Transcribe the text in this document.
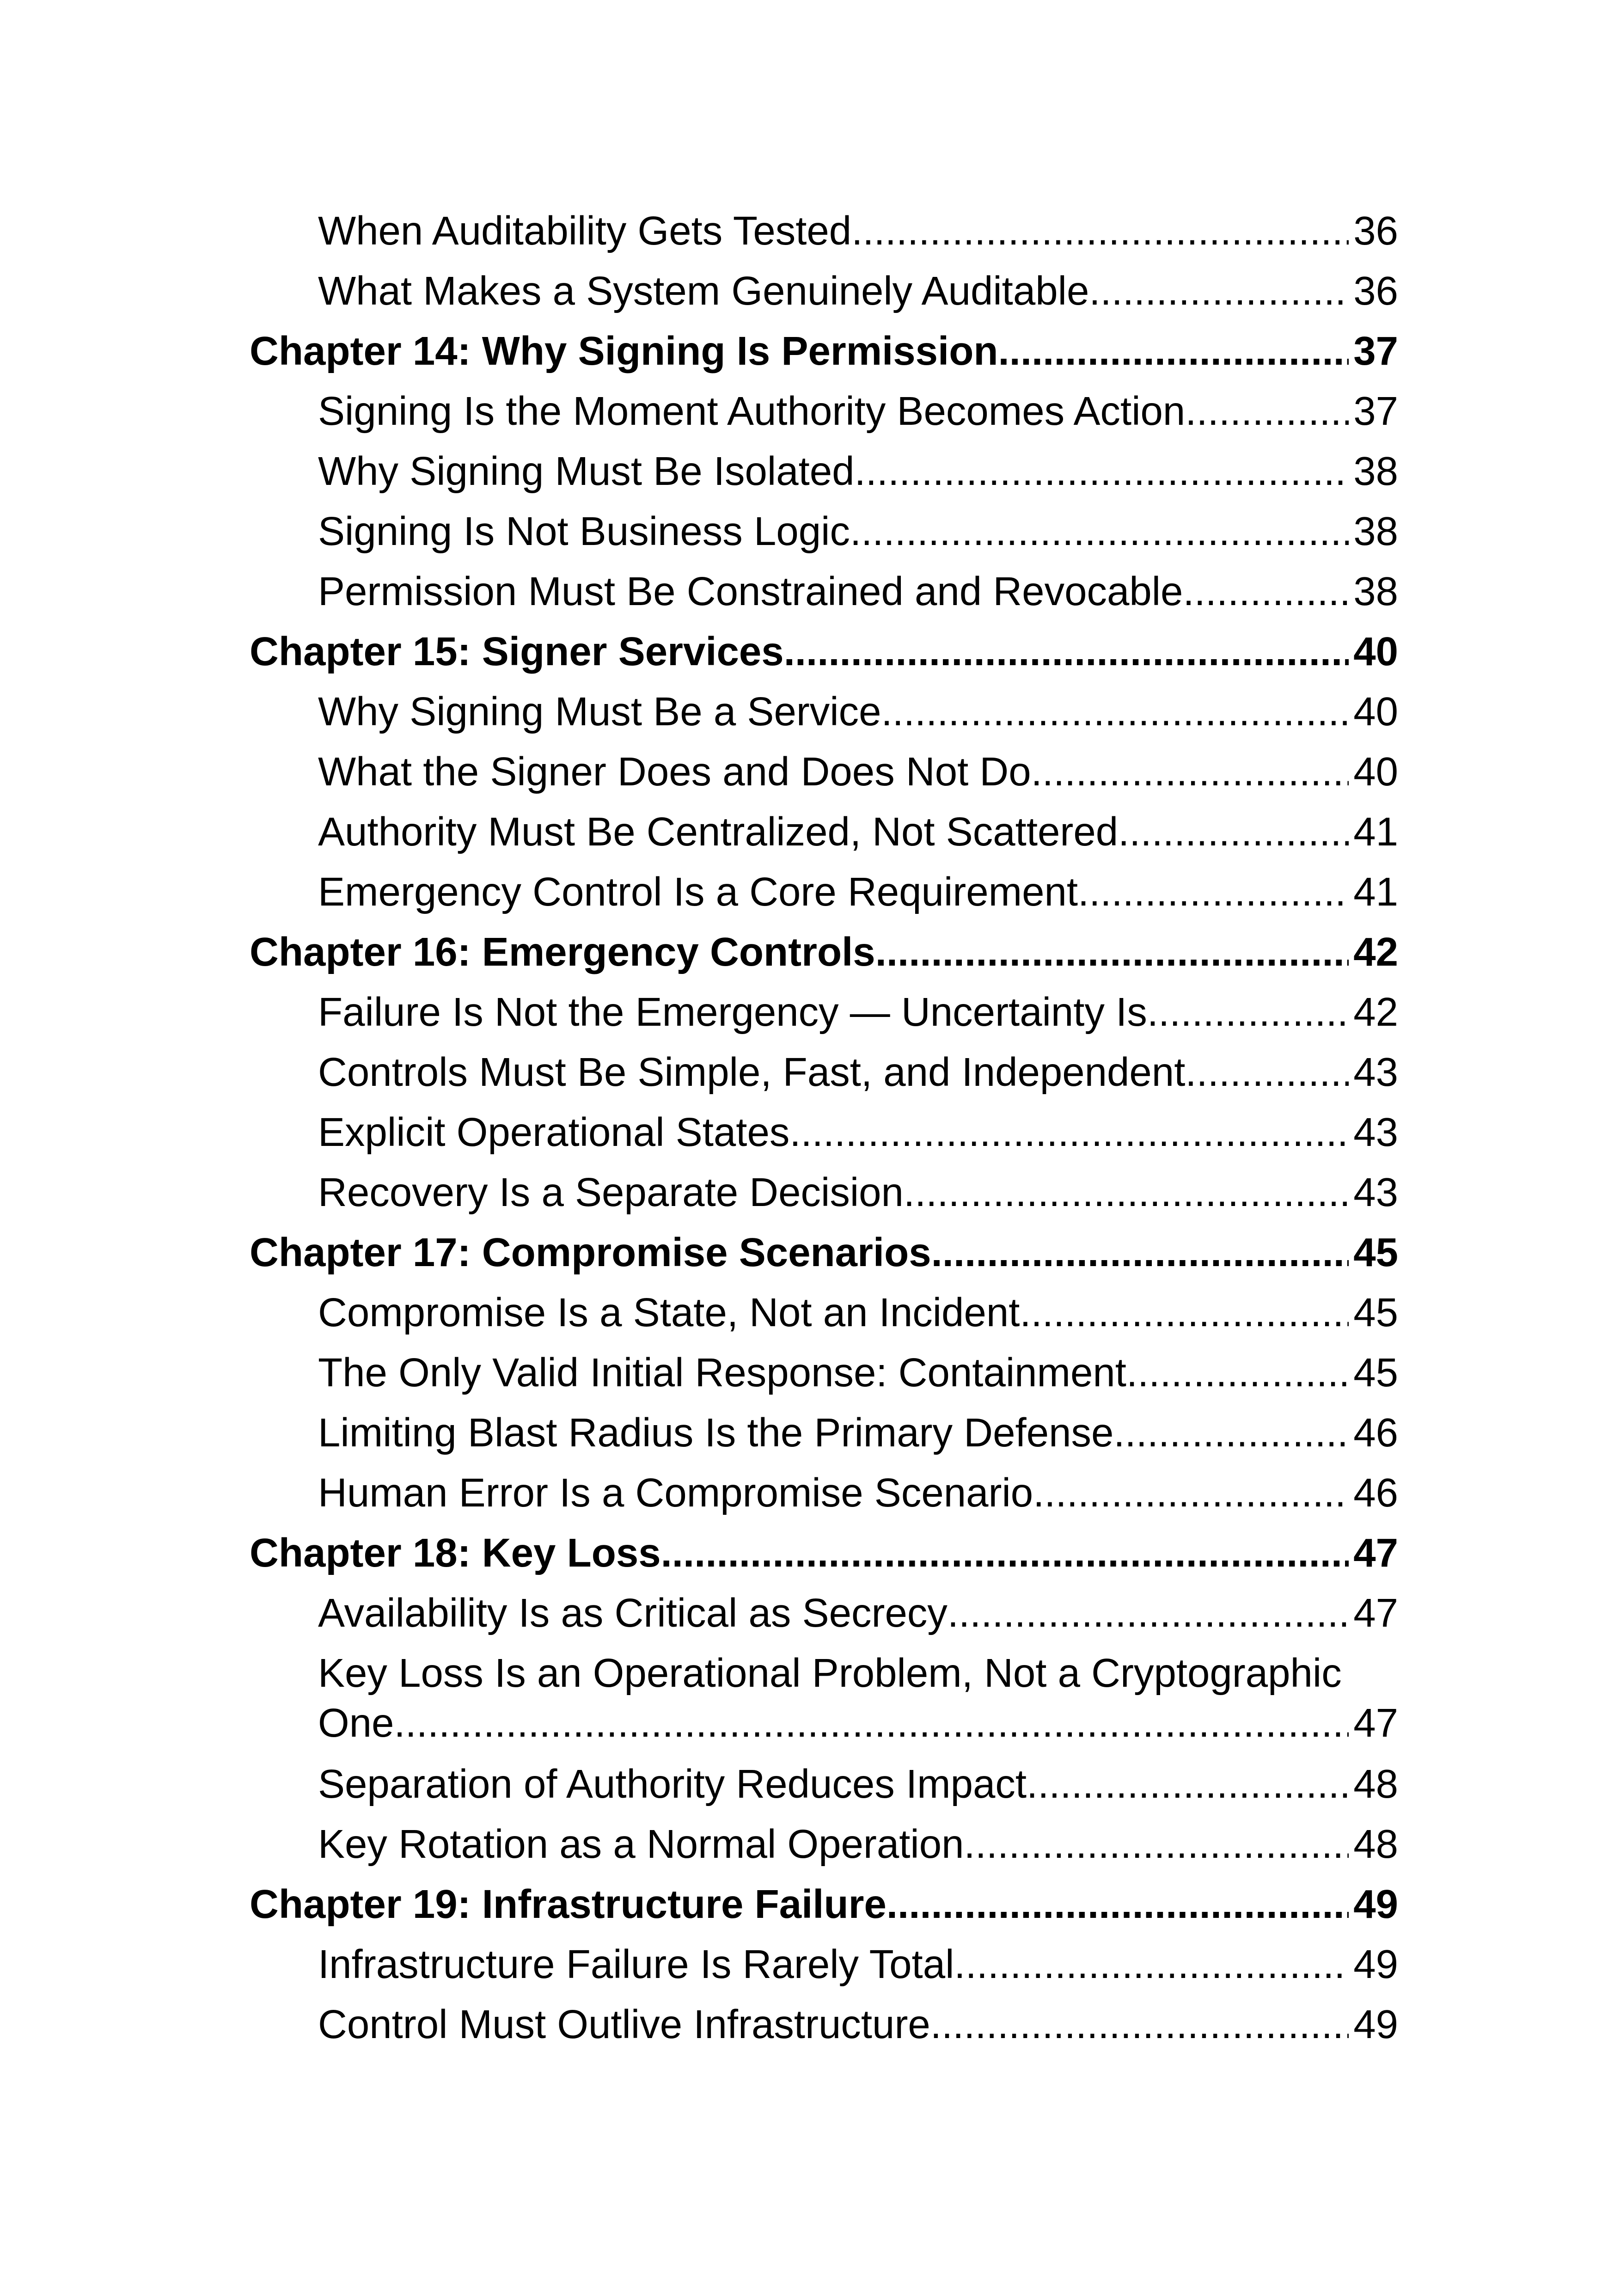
When Auditability Gets Tested .....	36
What Makes a System Genuinely Auditable .....	36
Chapter 14: Why Signing Is Permission .....	37
Signing Is the Moment Authority Becomes Action .....	37
Why Signing Must Be Isolated .....	38
Signing Is Not Business Logic .....	38
Permission Must Be Constrained and Revocable .....	38
Chapter 15: Signer Services .....	40
Why Signing Must Be a Service .....	40
What the Signer Does and Does Not Do .....	40
Authority Must Be Centralized, Not Scattered .....	41
Emergency Control Is a Core Requirement .....	41
Chapter 16: Emergency Controls .....	42
Failure Is Not the Emergency — Uncertainty Is .....	42
Controls Must Be Simple, Fast, and Independent .....	43
Explicit Operational States .....	43
Recovery Is a Separate Decision .....	43
Chapter 17: Compromise Scenarios .....	45
Compromise Is a State, Not an Incident .....	45
The Only Valid Initial Response: Containment .....	45
Limiting Blast Radius Is the Primary Defense .....	46
Human Error Is a Compromise Scenario .....	46
Chapter 18: Key Loss .....	47
Availability Is as Critical as Secrecy .....	47
Key Loss Is an Operational Problem, Not a Cryptographic
One .....	47
Separation of Authority Reduces Impact .....	48
Key Rotation as a Normal Operation .....	48
Chapter 19: Infrastructure Failure .....	49
Infrastructure Failure Is Rarely Total .....	49
Control Must Outlive Infrastructure .....	49
